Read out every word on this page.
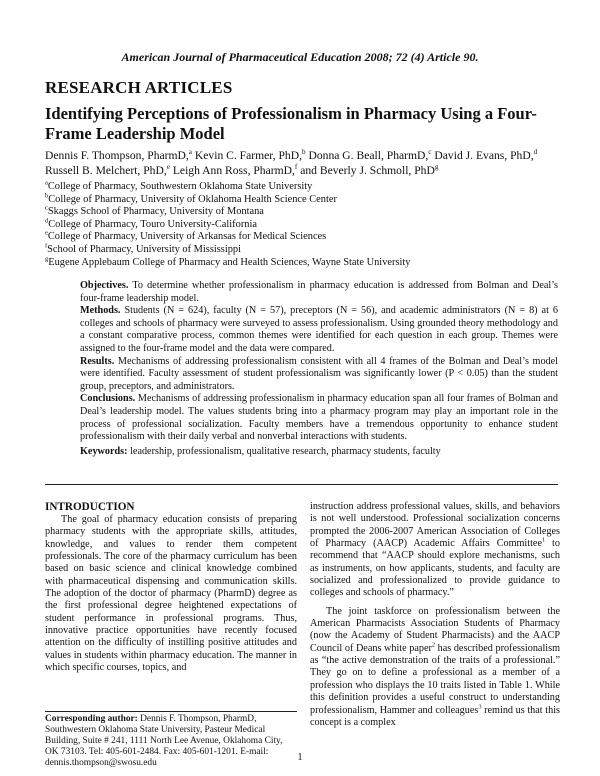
American Journal of Pharmaceutical Education 2008; 72 (4) Article 90.
RESEARCH ARTICLES
Identifying Perceptions of Professionalism in Pharmacy Using a Four-Frame Leadership Model
Dennis F. Thompson, PharmD,$^a$ Kevin C. Farmer, PhD,$^b$ Donna G. Beall, PharmD,$^c$ David J. Evans, PhD,$^d$ Russell B. Melchert, PhD,$^e$ Leigh Ann Ross, PharmD,$^f$ and Beverly J. Schmoll, PhD$^g$
$^a$College of Pharmacy, Southwestern Oklahoma State University
$^b$College of Pharmacy, University of Oklahoma Health Science Center
$^c$Skaggs School of Pharmacy, University of Montana
$^d$College of Pharmacy, Touro University-California
$^e$College of Pharmacy, University of Arkansas for Medical Sciences
$^f$School of Pharmacy, University of Mississippi
$^g$Eugene Applebaum College of Pharmacy and Health Sciences, Wayne State University

Objectives. To determine whether professionalism in pharmacy education is addressed from Bolman and Deal’s four-frame leadership model.

Methods. Students (N = 624), faculty (N = 57), preceptors (N = 56), and academic administrators (N = 8) at 6 colleges and schools of pharmacy were surveyed to assess professionalism. Using grounded theory methodology and a constant comparative process, common themes were identified for each question in each group. Themes were assigned to the four-frame model and the data were compared.

Results. Mechanisms of addressing professionalism consistent with all 4 frames of the Bolman and Deal’s model were identified. Faculty assessment of student professionalism was significantly lower (P < 0.05) than the student group, preceptors, and administrators.

Conclusions. Mechanisms of addressing professionalism in pharmacy education span all four frames of Bolman and Deal’s leadership model. The values students bring into a pharmacy program may play an important role in the process of professional socialization. Faculty members have a tremendous opportunity to enhance student professionalism with their daily verbal and nonverbal interactions with students.

Keywords: leadership, professionalism, qualitative research, pharmacy students, faculty

INTRODUCTION

The goal of pharmacy education consists of preparing pharmacy students with the appropriate skills, attitudes, knowledge, and values to render them competent professionals. The core of the pharmacy curriculum has been based on basic science and clinical knowledge combined with pharmaceutical dispensing and communication skills. The adoption of the doctor of pharmacy (PharmD) degree as the first professional degree heightened expectations of student performance in professional programs. Thus, innovative practice opportunities have recently focused attention on the difficulty of instilling positive attitudes and values in students within pharmacy education. The manner in which specific courses, topics, and

instruction address professional values, skills, and behaviors is not well understood. Professional socialization concerns prompted the 2006-2007 American Association of Colleges of Pharmacy (AACP) Academic Affairs Committee$^1$ to recommend that “AACP should explore mechanisms, such as instruments, on how applicants, students, and faculty are socialized and professionalized to provide guidance to colleges and schools of pharmacy.”

The joint taskforce on professionalism between the American Pharmacists Association Students of Pharmacy (now the Academy of Student Pharmacists) and the AACP Council of Deans white paper$^2$ has described professionalism as “the active demonstration of the traits of a professional.” They go on to define a professional as a member of a profession who displays the 10 traits listed in Table 1. While this definition provides a useful construct to understanding professionalism, Hammer and colleagues$^3$ remind us that this concept is a complex

Corresponding author: Dennis F. Thompson, PharmD, Southwestern Oklahoma State University, Pasteur Medical Building, Suite # 241, 1111 North Lee Avenue, Oklahoma City, OK 73103. Tel: 405-601-2484. Fax: 405-601-1201. E-mail: dennis.thompson@swosu.edu
1
